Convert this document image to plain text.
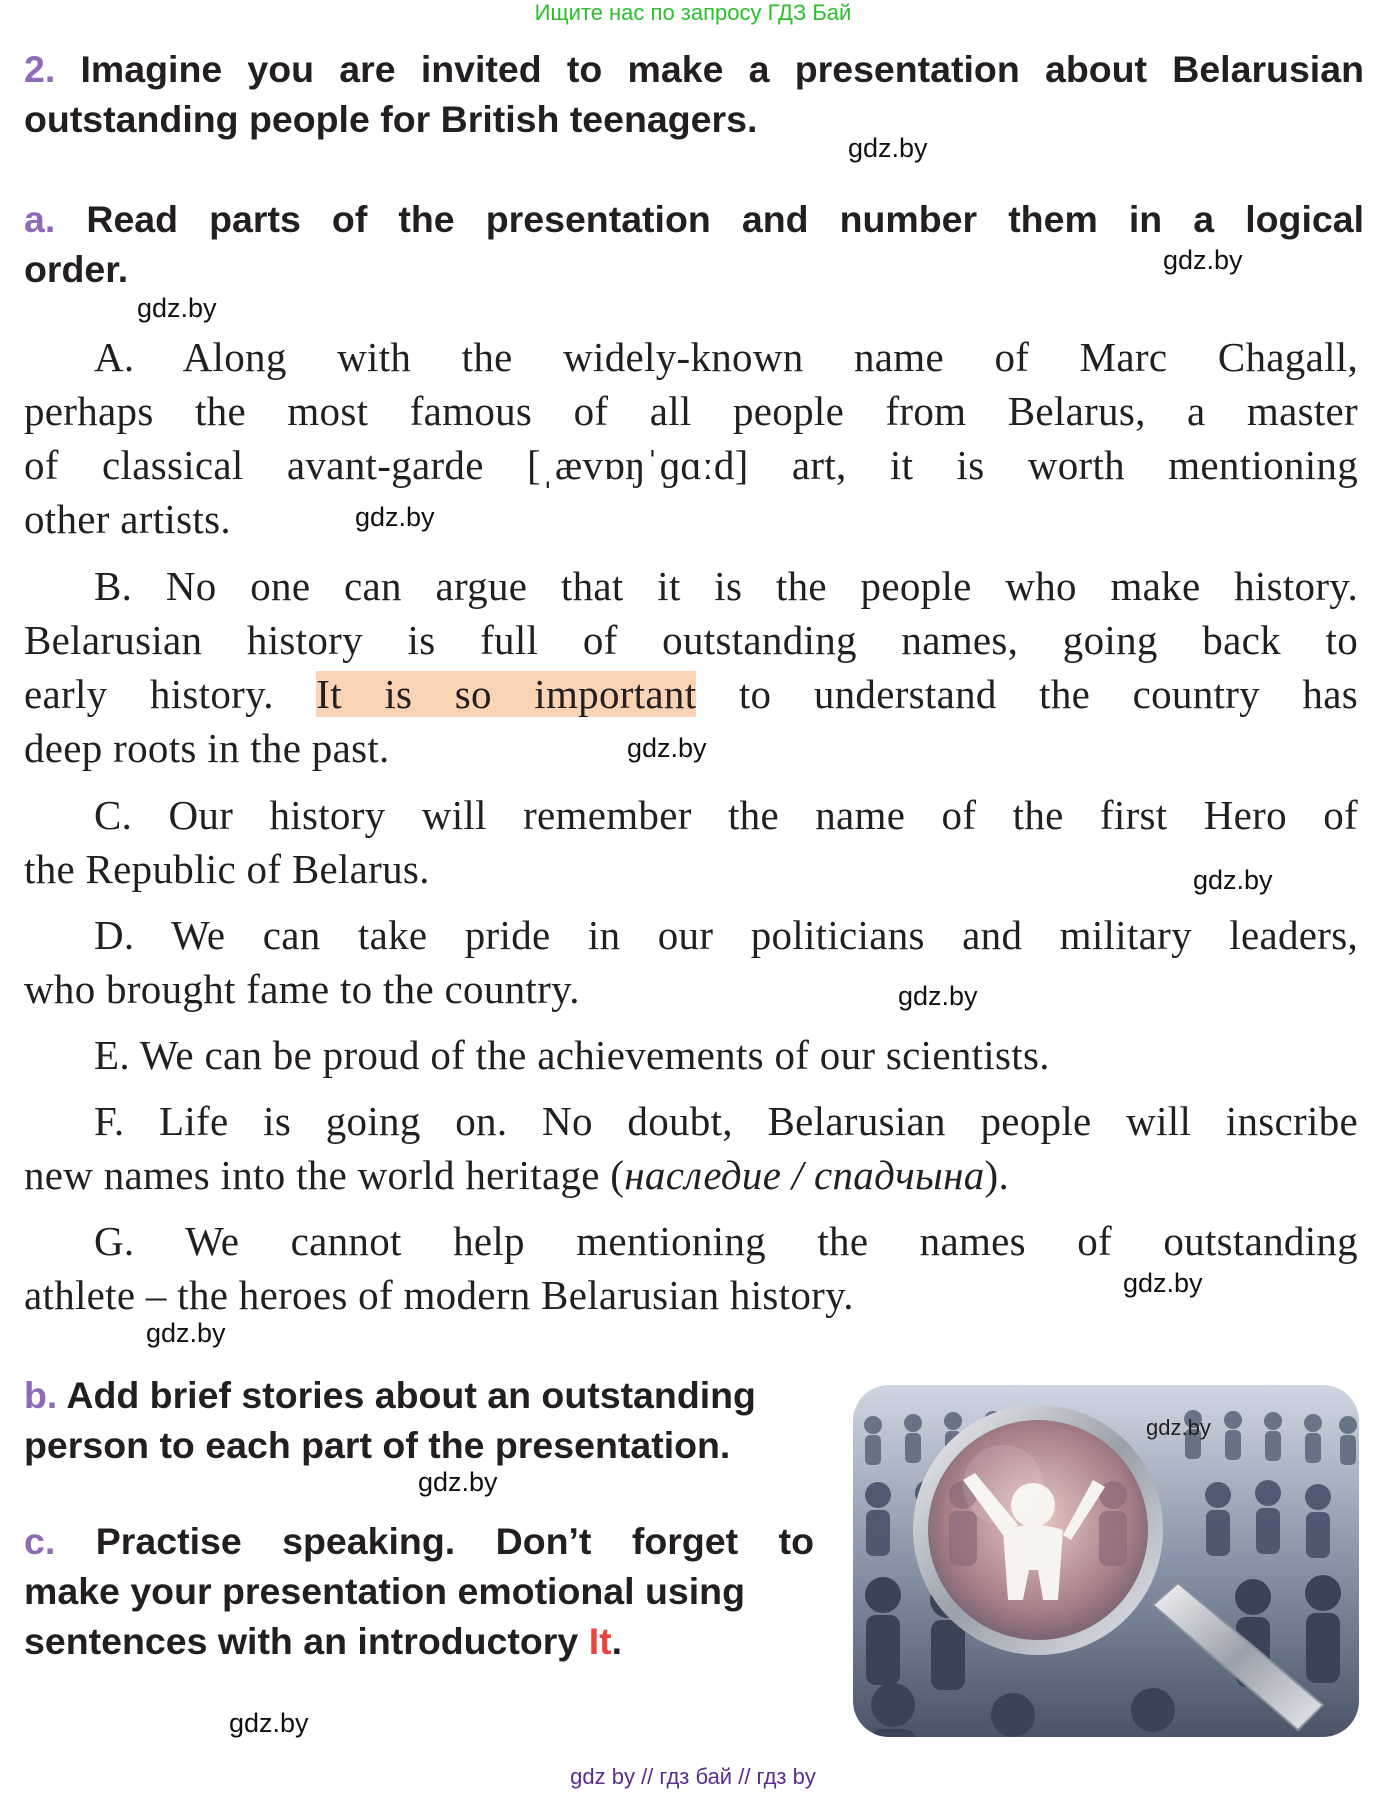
Ищите нас по запросу ГДЗ Бай
2. Imagine you are invited to make a presentation about Belarusian
outstanding people for British teenagers.
gdz.by
a. Read parts of the presentation and number them in a logical
order.	gdz.by
gdz.by
A. Along with the widely-known name of Marc Chagall,
perhaps the most famous of all people from Belarus, a master
of classical avant-garde [ˌævɒŋˈɡɑːd] art, it is worth mentioning
other artists.	gdz.by
B. No one can argue that it is the people who make history.
Belarusian history is full of outstanding names, going back to
early history. It is so important to understand the country has
deep roots in the past.	gdz.by
C. Our history will remember the name of the first Hero of
the Republic of Belarus.	gdz.by
D. We can take pride in our politicians and military leaders,
who brought fame to the country.	gdz.by
E. We can be proud of the achievements of our scientists.
F. Life is going on. No doubt, Belarusian people will inscribe
new names into the world heritage (наследие / спадчына).
G. We cannot help mentioning the names of outstanding
athlete – the heroes of modern Belarusian history.	gdz.by
gdz.by
b. Add brief stories about an outstanding
person to each part of the presentation.
gdz.by
c. Practise speaking. Don’t forget to
make your presentation emotional using
sentences with an introductory It.
gdz.by
gdz.by
gdz by // гдз бай // гдз by
